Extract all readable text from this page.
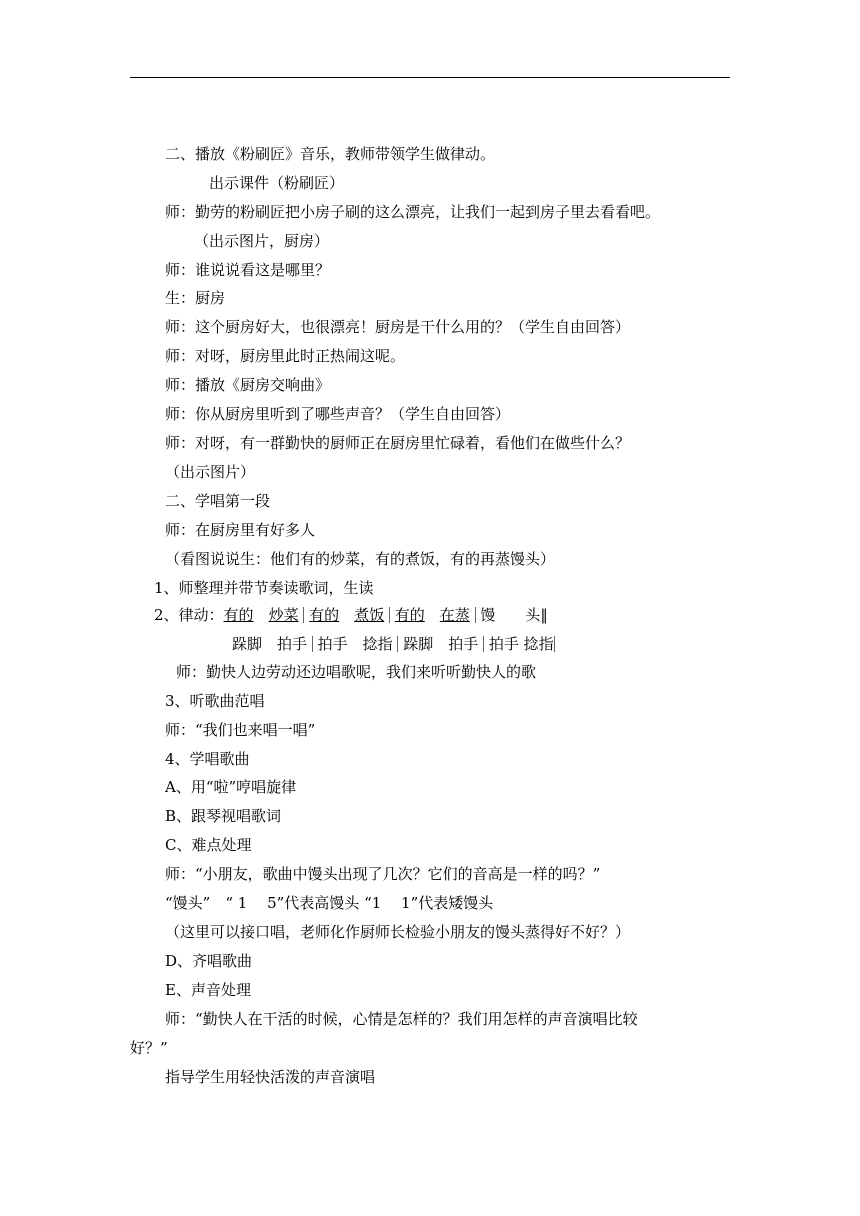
二、播放《粉刷匠》音乐，教师带领学生做律动。
出示课件（粉刷匠）
师：勤劳的粉刷匠把小房子刷的这么漂亮，让我们一起到房子里去看看吧。
（出示图片，厨房）
师：谁说说看这是哪里？
生：厨房
师：这个厨房好大，也很漂亮！厨房是干什么用的？（学生自由回答）
师：对呀，厨房里此时正热闹这呢。
师：播放《厨房交响曲》
师：你从厨房里听到了哪些声音？（学生自由回答）
师：对呀，有一群勤快的厨师正在厨房里忙碌着，看他们在做些什么？
（出示图片）
二、学唱第一段
师：在厨房里有好多人
（看图说说生：他们有的炒菜，有的煮饭，有的再蒸馒头）
1、师整理并带节奏读歌词，生读
2、律动：有的　 炒菜 有的　 煮饭 有的　 在蒸 馒　　 头‖
跺脚　 拍手 拍手　 捻指 跺脚　 拍手 拍手 捻指
师：勤快人边劳动还边唱歌呢，我们来听听勤快人的歌
3、听歌曲范唱
师：“我们也来唱一唱”
4、学唱歌曲
A、用“啦”哼唱旋律
B、跟琴视唱歌词
C、难点处理
师：“小朋友，歌曲中馒头出现了几次？它们的音高是一样的吗？”
“馒头”　“ 1　 5”代表高馒头 “1　 1”代表矮馒头
（这里可以接口唱，老师化作厨师长检验小朋友的馒头蒸得好不好？）
D、齐唱歌曲
E、声音处理
师：“勤快人在干活的时候，心情是怎样的？我们用怎样的声音演唱比较
好？”
指导学生用轻快活泼的声音演唱
